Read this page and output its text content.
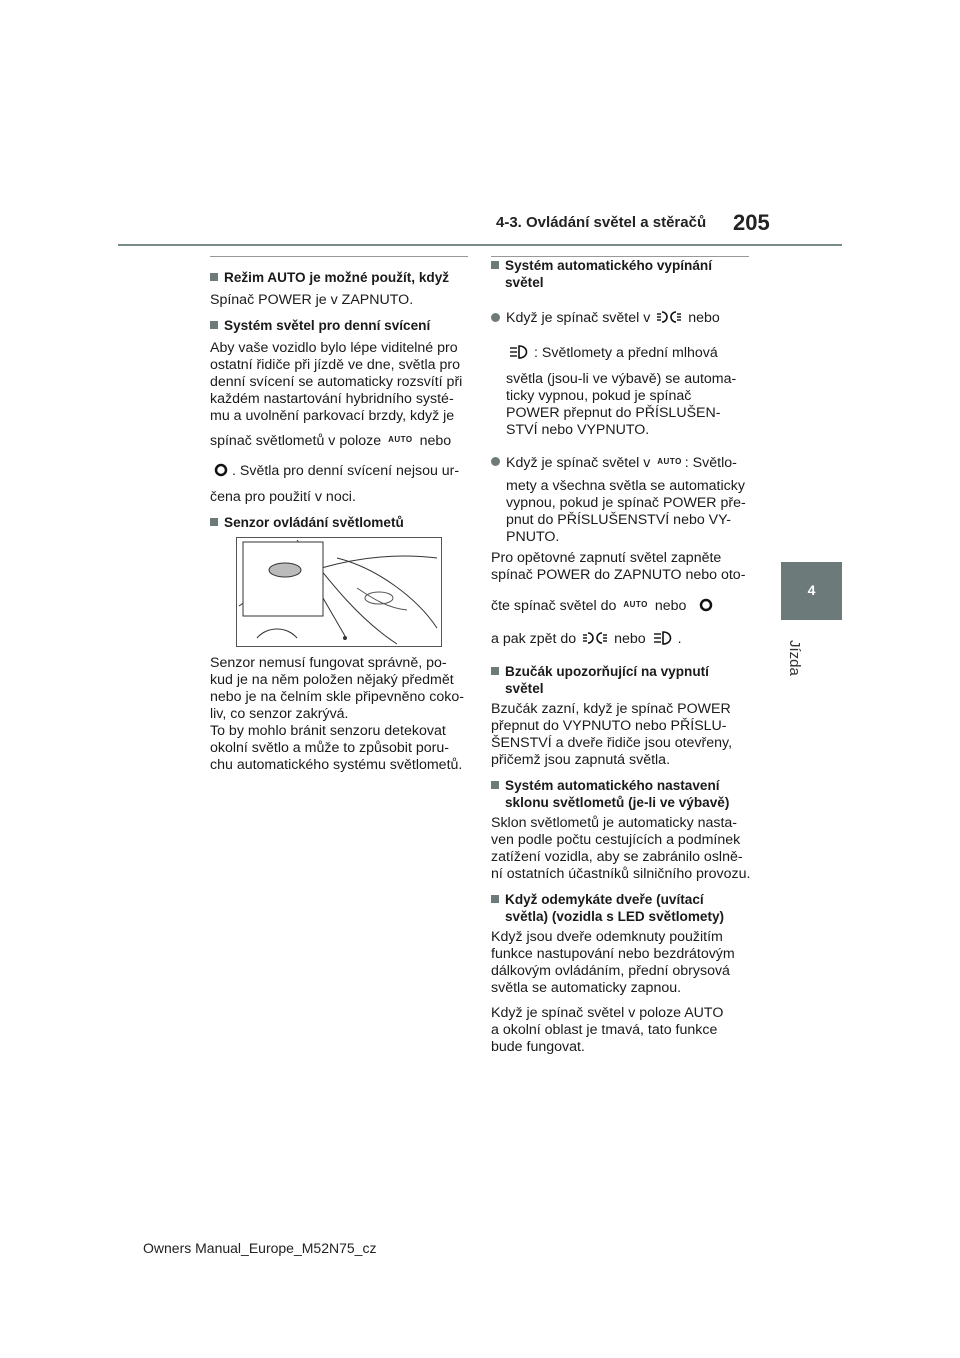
4-3. Ovládání světel a stěračů 205
4
Jízda
Režim AUTO je možné použít, když

Spínač POWER je v ZAPNUTO.

Systém světel pro denní svícení

Aby vaše vozidlo bylo lépe viditelné pro

ostatní řidiče při jízdě ve dne, světla pro

denní svícení se automaticky rozsvítí při

každém nastartování hybridního systé-

mu a uvolnění parkovací brzdy, když je

spínač světlometů v poloze $^{AUTO}$ nebo

. Světla pro denní svícení nejsou ur-

čena pro použití v noci.

Senzor ovládání světlometů

Senzor nemusí fungovat správně, po-

kud je na něm položen nějaký předmět

nebo je na čelním skle připevněno coko-

liv, co senzor zakrývá.

To by mohlo bránit senzoru detekovat

okolní světlo a může to způsobit poru-

chu automatického systému světlometů.

Systém automatického vypínání
světel

Když je spínač světel v	nebo

: Světlomety a přední mlhová

světla (jsou-li ve výbavě) se automa-

ticky vypnou, pokud je spínač

POWER přepnut do PŘÍSLUŠEN-

STVÍ nebo VYPNUTO.

Když je spínač světel v $^{AUTO}$ : Světlo-

mety a všechna světla se automaticky

vypnou, pokud je spínač POWER pře-

pnut do PŘÍSLUŠENSTVÍ nebo VY-

PNUTO.

Pro opětovné zapnutí světel zapněte

spínač POWER do ZAPNUTO nebo oto-

čte spínač světel do $^{AUTO}$ nebo

a pak zpět do	nebo .

Bzučák upozorňující na vypnutí
světel

Bzučák zazní, když je spínač POWER

přepnut do VYPNUTO nebo PŘÍSLU-

ŠENSTVÍ a dveře řidiče jsou otevřeny,

přičemž jsou zapnutá světla.

Systém automatického nastavení
sklonu světlometů (je-li ve výbavě)

Sklon světlometů je automaticky nasta-

ven podle počtu cestujících a podmínek

zatížení vozidla, aby se zabránilo oslně-

ní ostatních účastníků silničního provozu.

Když odemykáte dveře (uvítací
světla) (vozidla s LED světlomety)

Když jsou dveře odemknuty použitím

funkce nastupování nebo bezdrátovým

dálkovým ovládáním, přední obrysová

světla se automaticky zapnou.

Když je spínač světel v poloze AUTO

a okolní oblast je tmavá, tato funkce

bude fungovat.

Owners Manual_Europe_M52N75_cz
